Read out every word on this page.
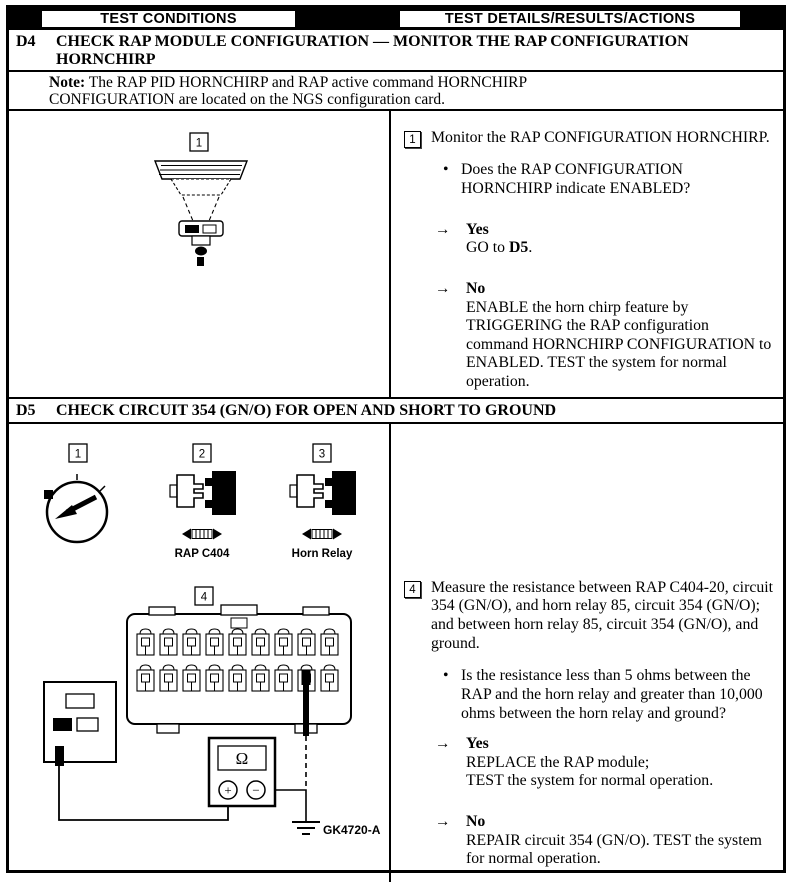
TEST CONDITIONS	TEST DETAILS/RESULTS/ACTIONS
D4	CHECK RAP MODULE CONFIGURATION — MONITOR THE RAP CONFIGURATION HORNCHIRP
Note: The RAP PID HORNCHIRP and RAP active command HORNCHIRP CONFIGURATION are located on the NGS configuration card.
1	1 Monitor the RAP CONFIGURATION HORNCHIRP.

• Does the RAP CONFIGURATION HORNCHIRP indicate ENABLED?

→ Yes

GO to D5.

→ No

ENABLE the horn chirp feature by TRIGGERING the RAP configuration command HORNCHIRP CONFIGURATION to ENABLED. TEST the system for normal operation.

D5	CHECK CIRCUIT 354 (GN/O) FOR OPEN AND SHORT TO GROUND
1	2	3
4
RAP C404	Horn Relay
Ω
+ −
GK4720-A
4 Measure the resistance between RAP C404-20, circuit 354 (GN/O), and horn relay 85, circuit 354 (GN/O); and between horn relay 85, circuit 354 (GN/O), and ground.

• Is the resistance less than 5 ohms between the RAP and the horn relay and greater than 10,000 ohms between the horn relay and ground?

→ Yes

REPLACE the RAP module;

TEST the system for normal operation.

→ No

REPAIR circuit 354 (GN/O). TEST the system for normal operation.
